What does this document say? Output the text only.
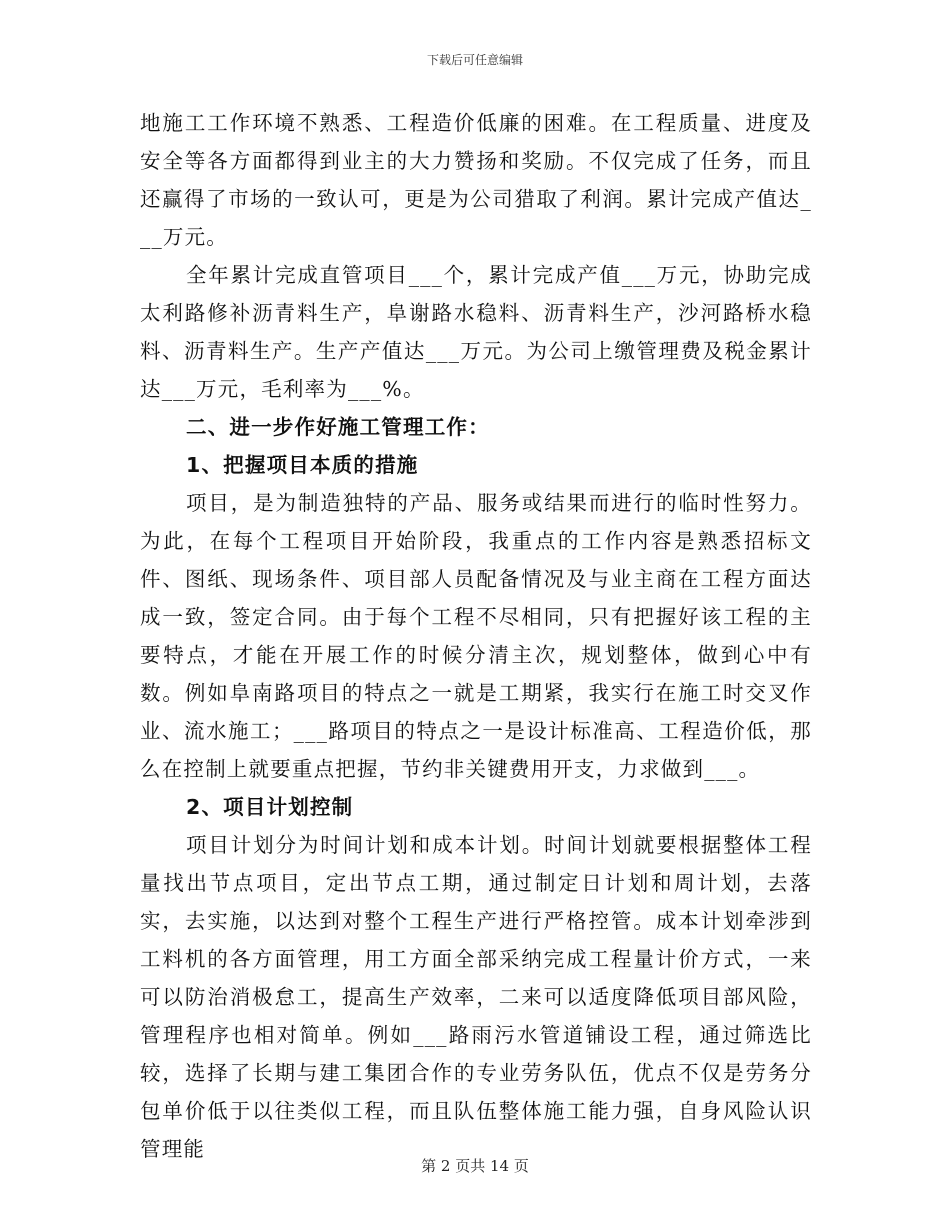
下载后可任意编辑

地施工工作环境不熟悉、工程造价低廉的困难。在工程质量、进度及安全等各方面都得到业主的大力赞扬和奖励。不仅完成了任务，而且还赢得了市场的一致认可，更是为公司猎取了利润。累计完成产值达___万元。

全年累计完成直管项目___个，累计完成产值___万元，协助完成太利路修补沥青料生产，阜谢路水稳料、沥青料生产，沙河路桥水稳料、沥青料生产。生产产值达___万元。为公司上缴管理费及税金累计达___万元，毛利率为___%。

二、进一步作好施工管理工作：

1、把握项目本质的措施

项目，是为制造独特的产品、服务或结果而进行的临时性努力。为此，在每个工程项目开始阶段，我重点的工作内容是熟悉招标文件、图纸、现场条件、项目部人员配备情况及与业主商在工程方面达成一致，签定合同。由于每个工程不尽相同，只有把握好该工程的主要特点，才能在开展工作的时候分清主次，规划整体，做到心中有数。例如阜南路项目的特点之一就是工期紧，我实行在施工时交叉作业、流水施工；___路项目的特点之一是设计标准高、工程造价低，那么在控制上就要重点把握，节约非关键费用开支，力求做到___。

2、项目计划控制

项目计划分为时间计划和成本计划。时间计划就要根据整体工程量找出节点项目，定出节点工期，通过制定日计划和周计划，去落实，去实施，以达到对整个工程生产进行严格控管。成本计划牵涉到工料机的各方面管理，用工方面全部采纳完成工程量计价方式，一来可以防治消极怠工，提高生产效率，二来可以适度降低项目部风险，管理程序也相对简单。例如___路雨污水管道铺设工程，通过筛选比较，选择了长期与建工集团合作的专业劳务队伍，优点不仅是劳务分包单价低于以往类似工程，而且队伍整体施工能力强，自身风险认识管理能

第 2 页共 14 页
